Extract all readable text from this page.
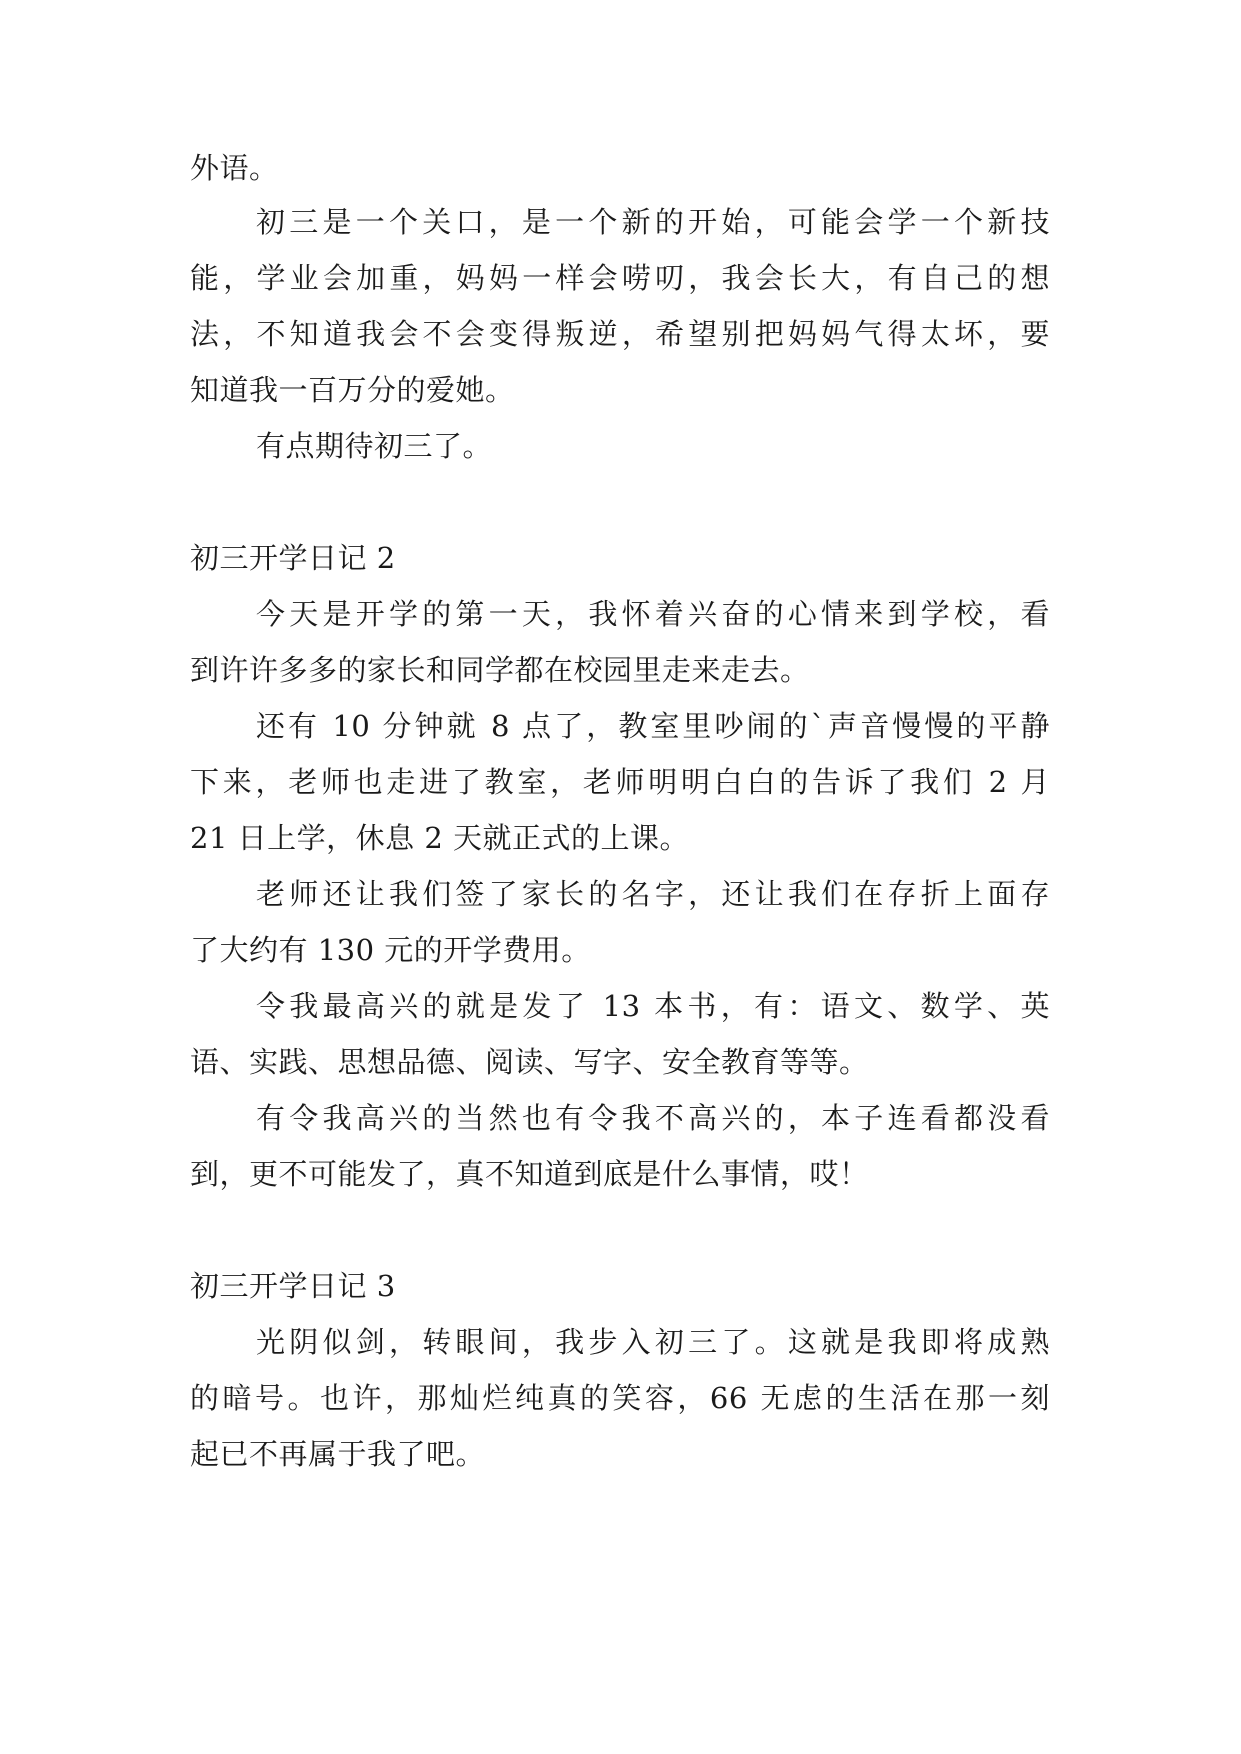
外语。
初三是一个关口，是一个新的开始，可能会学一个新技
能，学业会加重，妈妈一样会唠叨，我会长大，有自己的想
法，不知道我会不会变得叛逆，希望别把妈妈气得太坏，要
知道我一百万分的爱她。
有点期待初三了。
初三开学日记 2
今天是开学的第一天，我怀着兴奋的心情来到学校，看
到许许多多的家长和同学都在校园里走来走去。
还有 10 分钟就 8 点了，教室里吵闹的`声音慢慢的平静
下来，老师也走进了教室，老师明明白白的告诉了我们 2 月
21 日上学，休息 2 天就正式的上课。
老师还让我们签了家长的名字，还让我们在存折上面存
了大约有 130 元的开学费用。
令我最高兴的就是发了 13 本书，有：语文、数学、英
语、实践、思想品德、阅读、写字、安全教育等等。
有令我高兴的当然也有令我不高兴的，本子连看都没看
到，更不可能发了，真不知道到底是什么事情，哎！
初三开学日记 3
光阴似剑，转眼间，我步入初三了。这就是我即将成熟
的暗号。也许，那灿烂纯真的笑容，66 无虑的生活在那一刻
起已不再属于我了吧。
